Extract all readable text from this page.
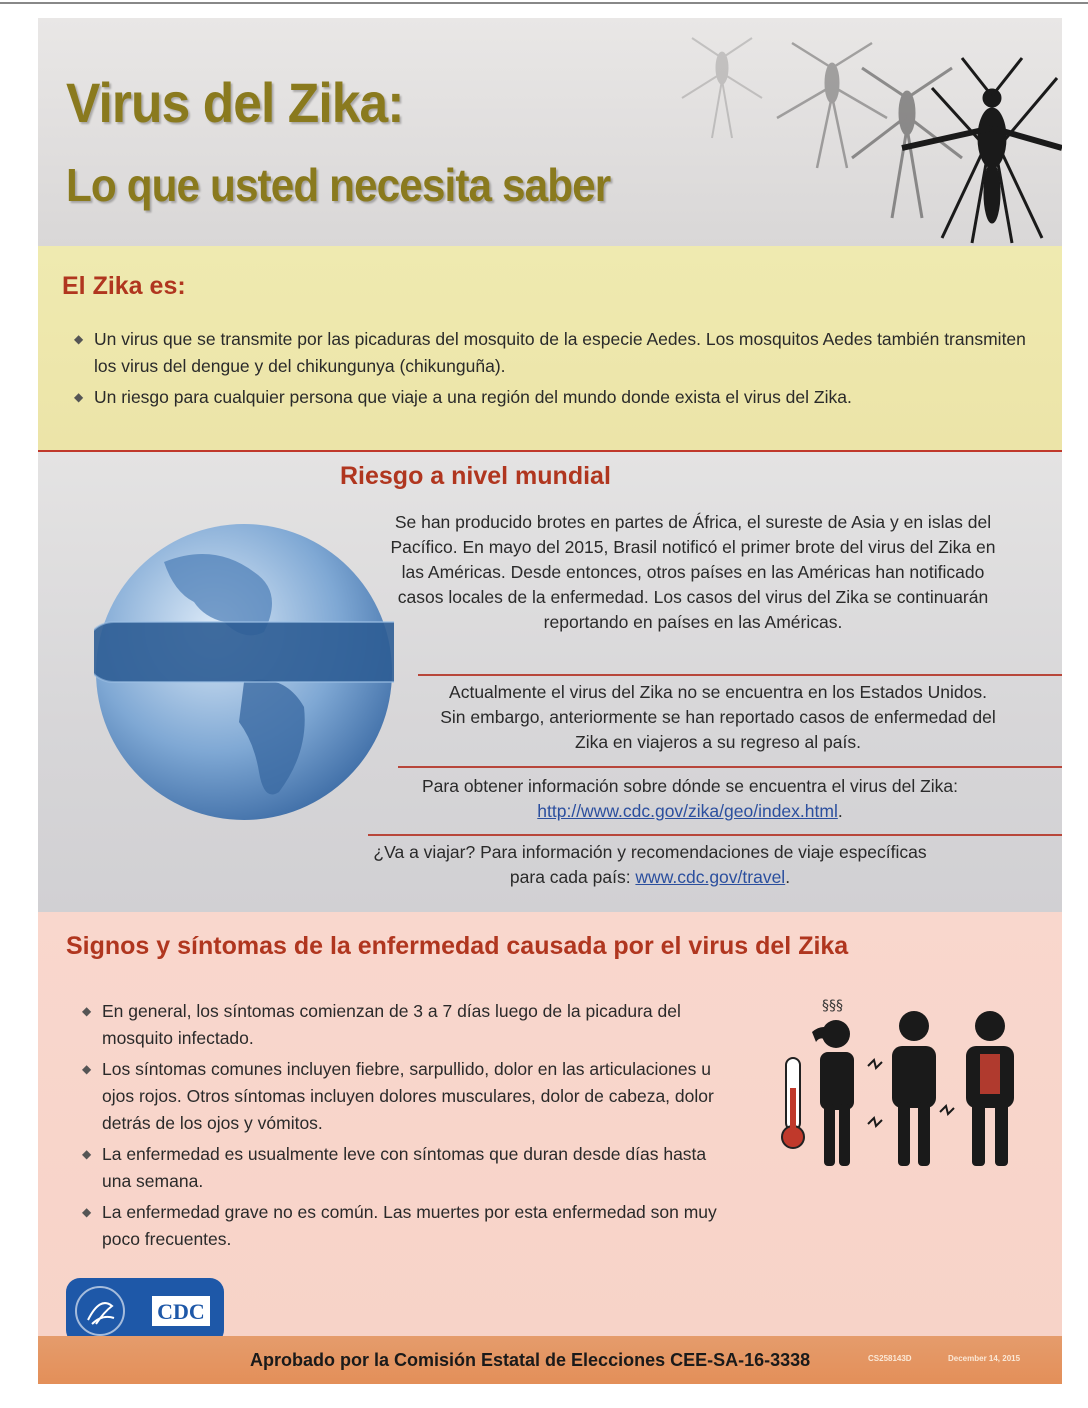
Virus del Zika:
Lo que usted necesita saber
El Zika es:
◆ Un virus que se transmite por las picaduras del mosquito de la especie Aedes. Los mosquitos Aedes también transmiten los virus del dengue y del chikungunya (chikunguña).
◆ Un riesgo para cualquier persona que viaje a una región del mundo donde exista el virus del Zika.
Riesgo a nivel mundial

Se han producido brotes en partes de África, el sureste de Asia y en islas del Pacífico. En mayo del 2015, Brasil notificó el primer brote del virus del Zika en las Américas. Desde entonces, otros países en las Américas han notificado casos locales de la enfermedad. Los casos del virus del Zika se continuarán reportando en países en las Américas.

Actualmente el virus del Zika no se encuentra en los Estados Unidos. Sin embargo, anteriormente se han reportado casos de enfermedad del Zika en viajeros a su regreso al país.

Para obtener información sobre dónde se encuentra el virus del Zika: http://www.cdc.gov/zika/geo/index.html.

¿Va a viajar? Para información y recomendaciones de viaje específicas para cada país: www.cdc.gov/travel.

Signos y síntomas de la enfermedad causada por el virus del Zika
◆ En general, los síntomas comienzan de 3 a 7 días luego de la picadura del mosquito infectado.
◆ Los síntomas comunes incluyen fiebre, sarpullido, dolor en las articulaciones u ojos rojos. Otros síntomas incluyen dolores musculares, dolor de cabeza, dolor detrás de los ojos y vómitos.
◆ La enfermedad es usualmente leve con síntomas que duran desde días hasta una semana.
◆ La enfermedad grave no es común. Las muertes por esta enfermedad son muy poco frecuentes.
§§§
CDC

Aprobado por la Comisión Estatal de Elecciones CEE-SA-16-3338	CS258143D	December 14, 2015
